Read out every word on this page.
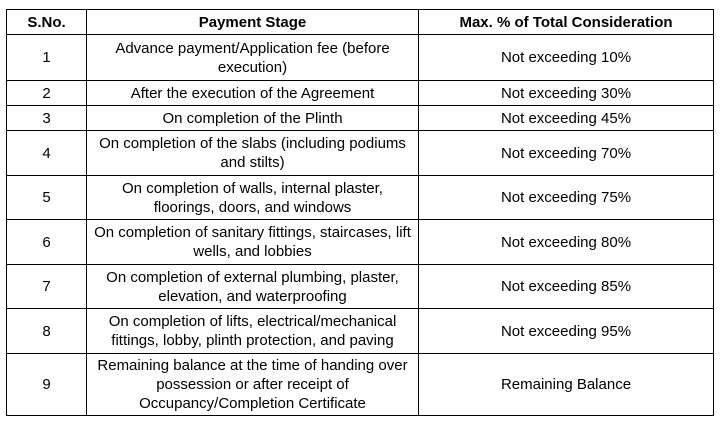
S.No.	Payment Stage	Max. % of Total Consideration
1	Advance payment/Application fee (before execution)	Not exceeding 10%
2	After the execution of the Agreement	Not exceeding 30%
3	On completion of the Plinth	Not exceeding 45%
4	On completion of the slabs (including podiums and stilts)	Not exceeding 70%
5	On completion of walls, internal plaster, floorings, doors, and windows	Not exceeding 75%
6	On completion of sanitary fittings, staircases, lift wells, and lobbies	Not exceeding 80%
7	On completion of external plumbing, plaster, elevation, and waterproofing	Not exceeding 85%
8	On completion of lifts, electrical/mechanical fittings, lobby, plinth protection, and paving	Not exceeding 95%
9	Remaining balance at the time of handing over possession or after receipt of Occupancy/Completion Certificate	Remaining Balance
